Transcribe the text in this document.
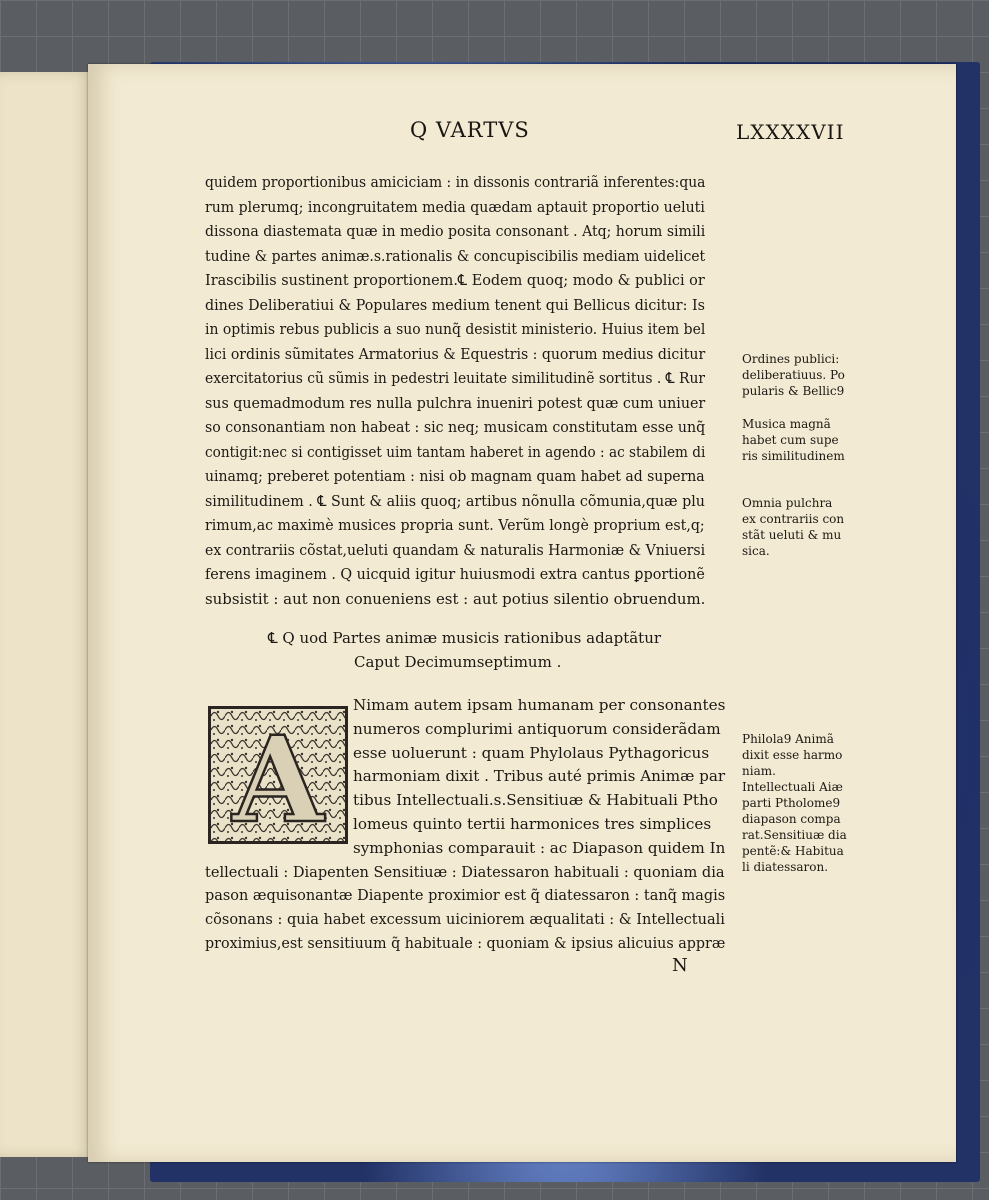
Q VARTVS	LXXXXVII
quidem proportionibus amiciciam : in dissonis contrariã inferentes:qua
rum plerumq; incongruitatem media quædam aptauit proportio ueluti
dissona diastemata quæ in medio posita consonant . Atq; horum simili
tudine & partes animæ.s.rationalis & concupiscibilis mediam uidelicet
Irascibilis sustinent proportionem.℄ Eodem quoq; modo & publici or
dines Deliberatiui & Populares medium tenent qui Bellicus dicitur: Is
in optimis rebus publicis a suo nunq̃ desistit ministerio. Huius item bel
lici ordinis sũmitates Armatorius & Equestris : quorum medius dicitur
exercitatorius cũ sũmis in pedestri leuitate similitudinẽ sortitus . ℄ Rur
sus quemadmodum res nulla pulchra inueniri potest quæ cum uniuer
so consonantiam non habeat : sic neq; musicam constitutam esse unq̃
contigit:nec si contigisset uim tantam haberet in agendo : ac stabilem di
uinamq; preberet potentiam : nisi ob magnam quam habet ad superna
similitudinem . ℄ Sunt & aliis quoq; artibus nõnulla cõmunia,quæ plu
rimum,ac maximè musices propria sunt. Verũm longè proprium est,q;
ex contrariis cõstat,ueluti quandam & naturalis Harmoniæ & Vniuersi
ferens imaginem . Q uicquid igitur huiusmodi extra cantus ꝑportionẽ
subsistit : aut non conueniens est : aut potius silentio obruendum.
℄ Q uod Partes animæ musicis rationibus adaptãtur
Caput Decimumseptimum .
Nimam autem ipsam humanam per consonantes
numeros complurimi antiquorum considerãdam
esse uoluerunt : quam Phylolaus Pythagoricus
harmoniam dixit . Tribus auté primis Animæ par
tibus Intellectuali.s.Sensitiuæ & Habituali Ptho
lomeus quinto tertii harmonices tres simplices
symphonias comparauit : ac Diapason quidem In
tellectuali : Diapenten Sensitiuæ : Diatessaron habituali : quoniam dia
pason æquisonantæ Diapente proximior est q̃ diatessaron : tanq̃ magis
cõsonans : quia habet excessum uiciniorem æqualitati : & Intellectuali
proximius,est sensitiuum q̃ habituale : quoniam & ipsius alicuius appræ
A
N
Ordines publici:
deliberatiuus. Po
pularis & Bellic9
Musica magnã
habet cum supe
ris similitudinem
Omnia pulchra
ex contrariis con
stãt ueluti & mu
sica.
Philola9 Animã
dixit esse harmo
niam.
Intellectuali Aiæ
parti Ptholome9
diapason compa
rat.Sensitiuæ dia
pentẽ:& Habitua
li diatessaron.
